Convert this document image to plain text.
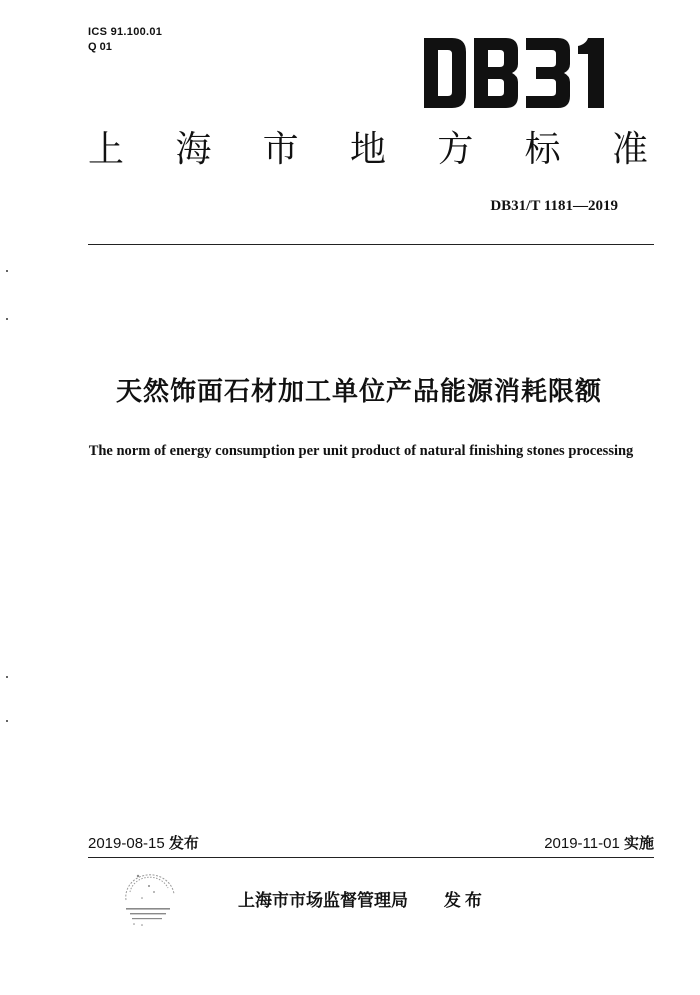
ICS 91.100.01
Q 01
上 海 市 地 方 标 准
DB31/T 1181—2019
天然饰面石材加工单位产品能源消耗限额
The norm of energy consumption per unit product of natural finishing stones processing
2019-08-15 发布	2019-11-01 实施
上海市市场监督管理局 发布
